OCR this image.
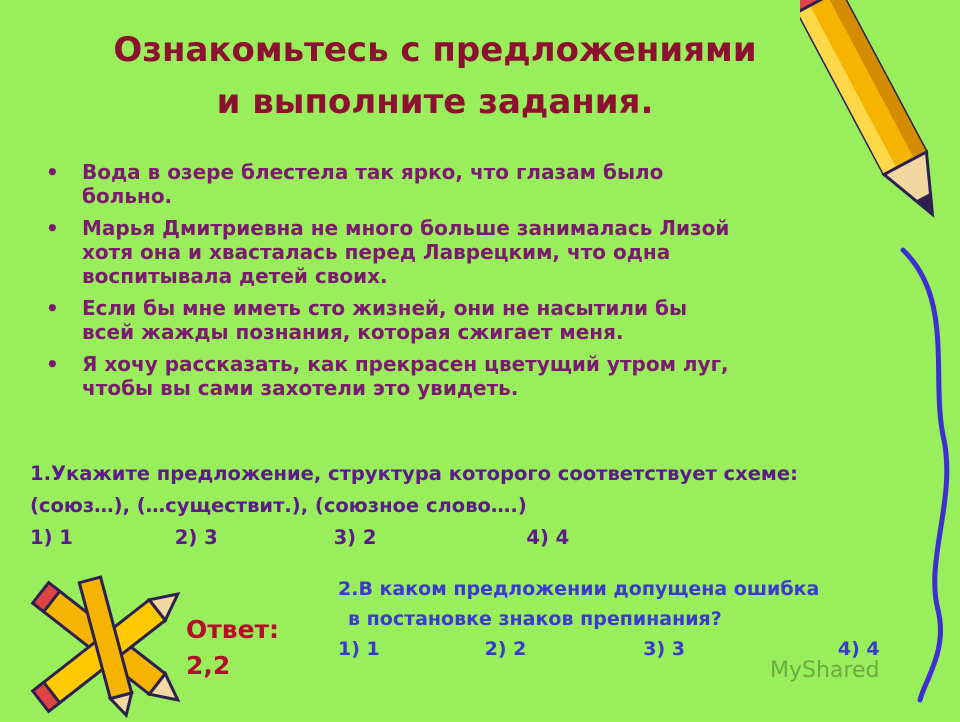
Ознакомьтесь с предложениями
и выполните задания.
• Вода в озере блестела так ярко, что глазам было
больно.
• Марья Дмитриевна не много больше занималась Лизой
хотя она и хвасталась перед Лаврецким, что одна
воспитывала детей своих.
• Если бы мне иметь сто жизней, они не насытили бы
всей жажды познания, которая сжигает меня.
• Я хочу рассказать, как прекрасен цветущий утром луг,
чтобы вы сами захотели это увидеть.
1.Укажите предложение, структура которого соответствует схеме:
(союз…), (…существит.), (союзное слово….)
1) 1	2) 3	3) 2	4) 4
2.В каком предложении допущена ошибка
в постановке знаков препинания?
1) 1	2) 2	3) 3	4) 4
Ответ:
2,2	MyShared
